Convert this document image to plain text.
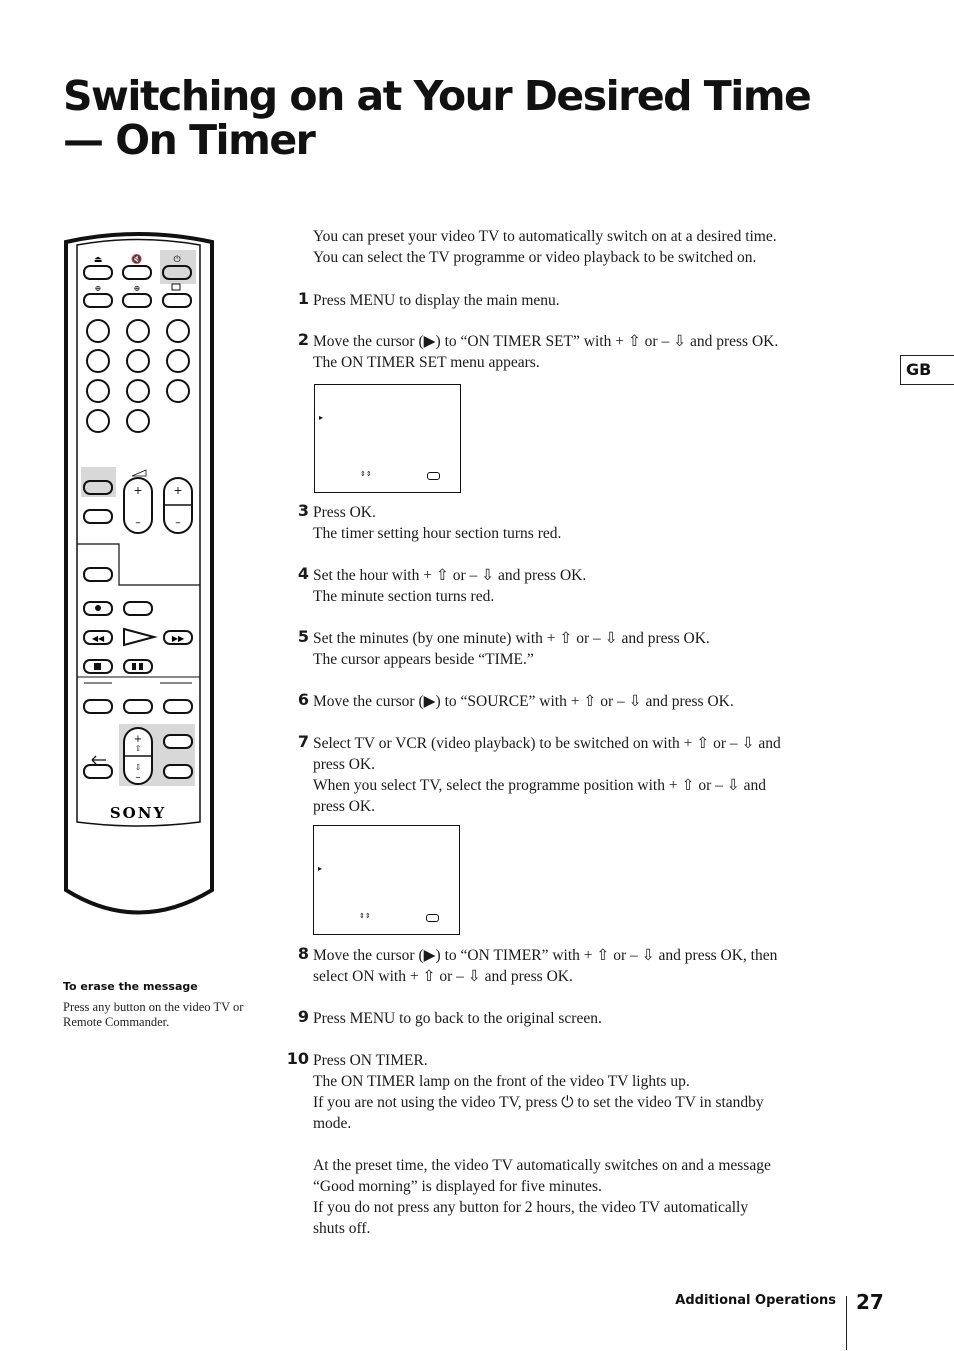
Switching on at Your Desired Time
— On Timer
GB
⏏	🔇	⏻
⊕	⊕
+
–
+
–
◀◀	▶▶
+
⇧
⇩
–
SONY
You can preset your video TV to automatically switch on at a desired time.
You can select the TV programme or video playback to be switched on.
1 Press MENU to display the main menu.
2 Move the cursor (▶) to “ON TIMER SET” with + ⇧ or – ⇩ and press OK.
The ON TIMER SET menu appears.
▸
⇕⇕
3 Press OK.
The timer setting hour section turns red.
4 Set the hour with + ⇧ or – ⇩ and press OK.
The minute section turns red.
5 Set the minutes (by one minute) with + ⇧ or – ⇩ and press OK.
The cursor appears beside “TIME.”
6 Move the cursor (▶) to “SOURCE” with + ⇧ or – ⇩ and press OK.
7 Select TV or VCR (video playback) to be switched on with + ⇧ or – ⇩ and
press OK.
When you select TV, select the programme position with + ⇧ or – ⇩ and
press OK.
▸
⇕⇕
8 Move the cursor (▶) to “ON TIMER” with + ⇧ or – ⇩ and press OK, then
select ON with + ⇧ or – ⇩ and press OK.
9 Press MENU to go back to the original screen.
10 Press ON TIMER.
The ON TIMER lamp on the front of the video TV lights up.
If you are not using the video TV, press ⏻ to set the video TV in standby
mode.
At the preset time, the video TV automatically switches on and a message
“Good morning” is displayed for five minutes.
If you do not press any button for 2 hours, the video TV automatically
shuts off.
To erase the message
Press any button on the video TV or Remote Commander.
Additional Operations 27
